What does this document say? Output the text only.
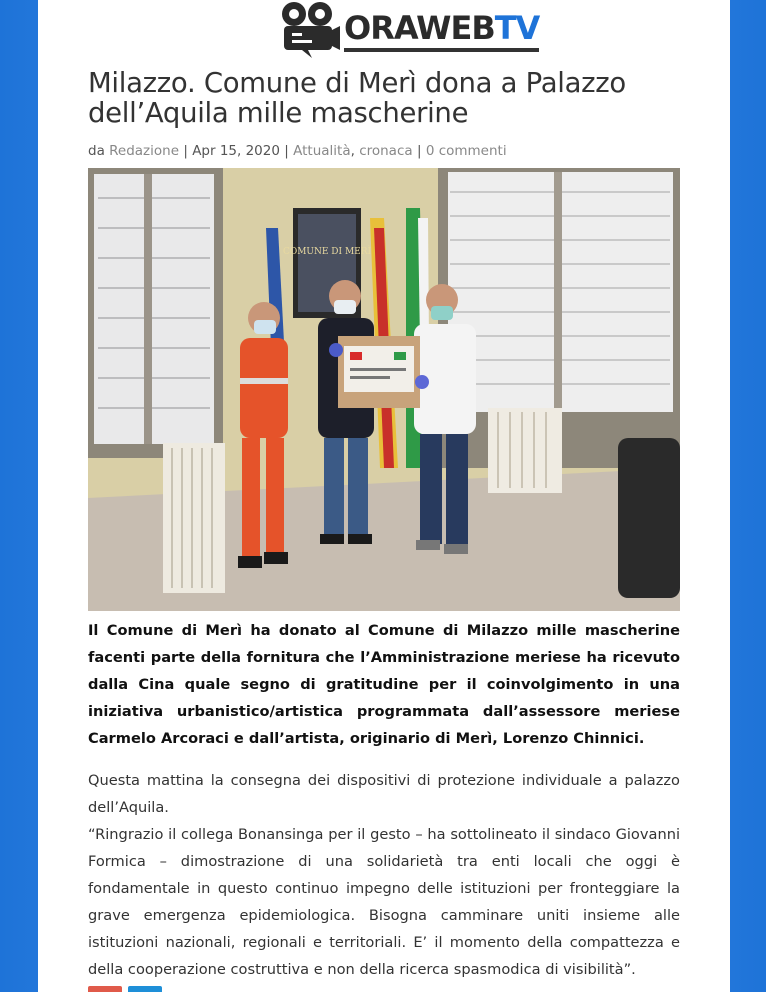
ORAWEBTV
Milazzo. Comune di Merì dona a Palazzo dell’Aquila mille mascherine
da Redazione | Apr 15, 2020 | Attualità, cronaca | 0 commenti
COMUNE DI MERÌ

Il Comune di Merì ha donato al Comune di Milazzo mille mascherine facenti parte della fornitura che l’Amministrazione meriese ha ricevuto dalla Cina quale segno di gratitudine per il coinvolgimento in una iniziativa urbanistico/artistica programmata dall’assessore meriese Carmelo Arcoraci e dall’artista, originario di Merì, Lorenzo Chinnici.

Questa mattina la consegna dei dispositivi di protezione individuale a palazzo dell’Aquila.

“Ringrazio il collega Bonansinga per il gesto – ha sottolineato il sindaco Giovanni Formica – dimostrazione di una solidarietà tra enti locali che oggi è fondamentale in questo continuo impegno delle istituzioni per fronteggiare la grave emergenza epidemiologica. Bisogna camminare uniti insieme alle istituzioni nazionali, regionali e territoriali. E’ il momento della compattezza e della cooperazione costruttiva e non della ricerca spasmodica di visibilità”.
